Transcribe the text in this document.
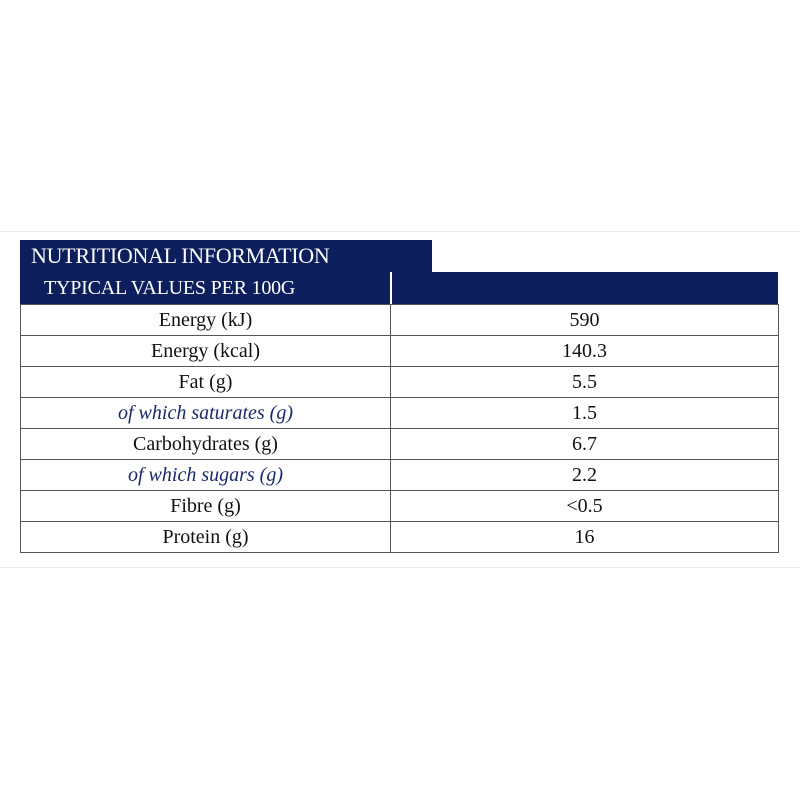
NUTRITIONAL INFORMATION
TYPICAL VALUES PER 100G
Energy (kJ)	590
Energy (kcal)	140.3
Fat (g)	5.5
of which saturates (g)	1.5
Carbohydrates (g)	6.7
of which sugars (g)	2.2
Fibre (g)	<0.5
Protein (g)	16
